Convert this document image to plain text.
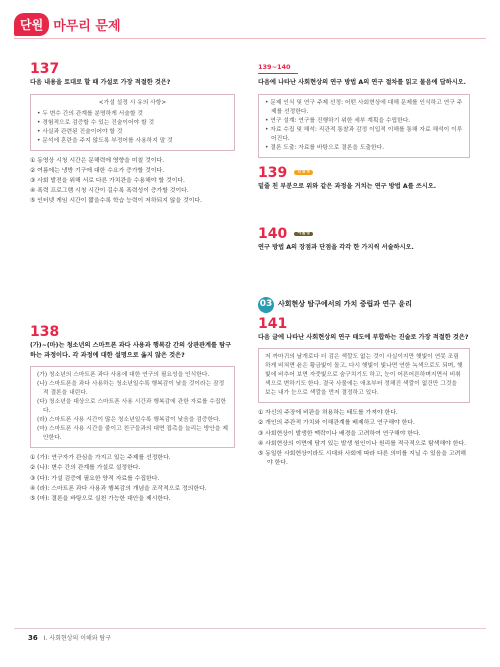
단원 마무리 문제
137
다음 내용을 토대로 할 때 가설로 가장 적절한 것은?
<가설 설정 시 유의 사항>
• 두 변수 간의 관계를 분명하게 서술할 것
• 경험적으로 검증할 수 있는 진술이어야 할 것
• 사실과 관련된 진술이어야 할 것
• 문석에 혼란을 주지 않도록 부정어를 사용하지 말 것
① 동영상 시청 시간은 문해력에 영향을 미칠 것이다.
② 여름에는 냉방 기구에 대한 수요가 증가할 것이다.
③ 사회 발전을 위해 서로 다른 가치관을 수용해야 할 것이다.
④ 폭력 프로그램 시청 시간이 길수록 폭력성이 증가할 것이다.
⑤ 인터넷 게임 시간이 짧을수록 학습 능력이 저하되지 않을 것이다.
138
(가)~(마)는 청소년의 스마트폰 과다 사용과 행복감 간의 상관관계를 탐구하는 과정이다. 각 과정에 대한 설명으로 옳지 않은 것은?
(가) 청소년의 스마트폰 과다 사용에 대한 연구의 필요성을 인식한다.
(나) 스마트폰을 과다 사용하는 청소년일수록 행복감이 낮을 것이라는 잠정적 결론을 내린다.
(다) 청소년을 대상으로 스마트폰 사용 시간과 행복감에 관한 자료를 수집한다.
(라) 스마트폰 사용 시간이 많은 청소년일수록 행복감이 낮음을 검증한다.
(마) 스마트폰 사용 시간을 줄이고 친구들과의 대면 접촉을 늘리는 방안을 제안한다.
① (가): 연구자가 관심을 가지고 있는 주제를 선정한다.
② (나): 변수 간의 관계를 가설로 설정한다.
③ (다): 가설 검증에 필요한 양적 자료를 수집한다.
④ (라): 스마트폰 과다 사용과 행복감의 개념을 조작적으로 정의한다.
⑤ (마): 결론을 바탕으로 실천 가능한 대안을 제시한다.
139~140
다음에 나타난 사회현상의 연구 방법 A의 연구 절차를 읽고 물음에 답하시오.
• 문제 인식 및 연구 주제 선정: 어떤 사회현상에 대해 문제를 인식하고 연구 주제를 선정한다.
• 연구 설계: 연구를 진행하기 위한 세부 계획을 수립한다.
• 자료 수집 및 해석: 직관적 통찰과 감정 이입적 이해를 통해 자료 해석이 이루어진다.
• 결론 도출: 자료를 바탕으로 결론을 도출한다.
139 단답형
밑줄 친 부분으로 위와 같은 과정을 거치는 연구 방법 A를 쓰시오.
140 서술형
연구 방법 A의 장점과 단점을 각각 한 가지씩 서술하시오.
03 사회현상 탐구에서의 가치 중립과 연구 윤리
141
다음 글에 나타난 사회현상의 연구 태도에 부합하는 진술로 가장 적절한 것은?
저 까마귀의 날개로다 더 검은 색깔도 없는 것이 사실이지만 햇빛이 연못 조림하게 비쳐면 윤은 황금빛이 돌고, 다시 햇빛이 빛나면 연한 녹색으로도 되며, 햇빛에 비추어 보면 자줏빛으로 숨구치기도 하고, 눈이 어른어른하며지면서 비취색으로 변하기도 한다. 결국 사물에는 애초부터 정해진 색깔이 없건만 그것을 보는 내가 눈으로 색깔을 먼저 결정하고 있다.
① 자신의 주장에 비판을 허용하는 태도를 가져야 한다.
② 개인의 주관적 가치와 이해관계를 배제하고 연구해야 한다.
③ 사회현상이 발생한 맥락이나 배경을 고려하여 연구해야 한다.
④ 사회현상의 이면에 담겨 있는 발생 원인이나 원리를 적극적으로 탐색해야 한다.
⑤ 동일한 사회현상이라도 시대와 사회에 따라 다른 의미를 지닐 수 있음을 고려해야 한다.
36 I. 사회현상의 이해와 탐구
